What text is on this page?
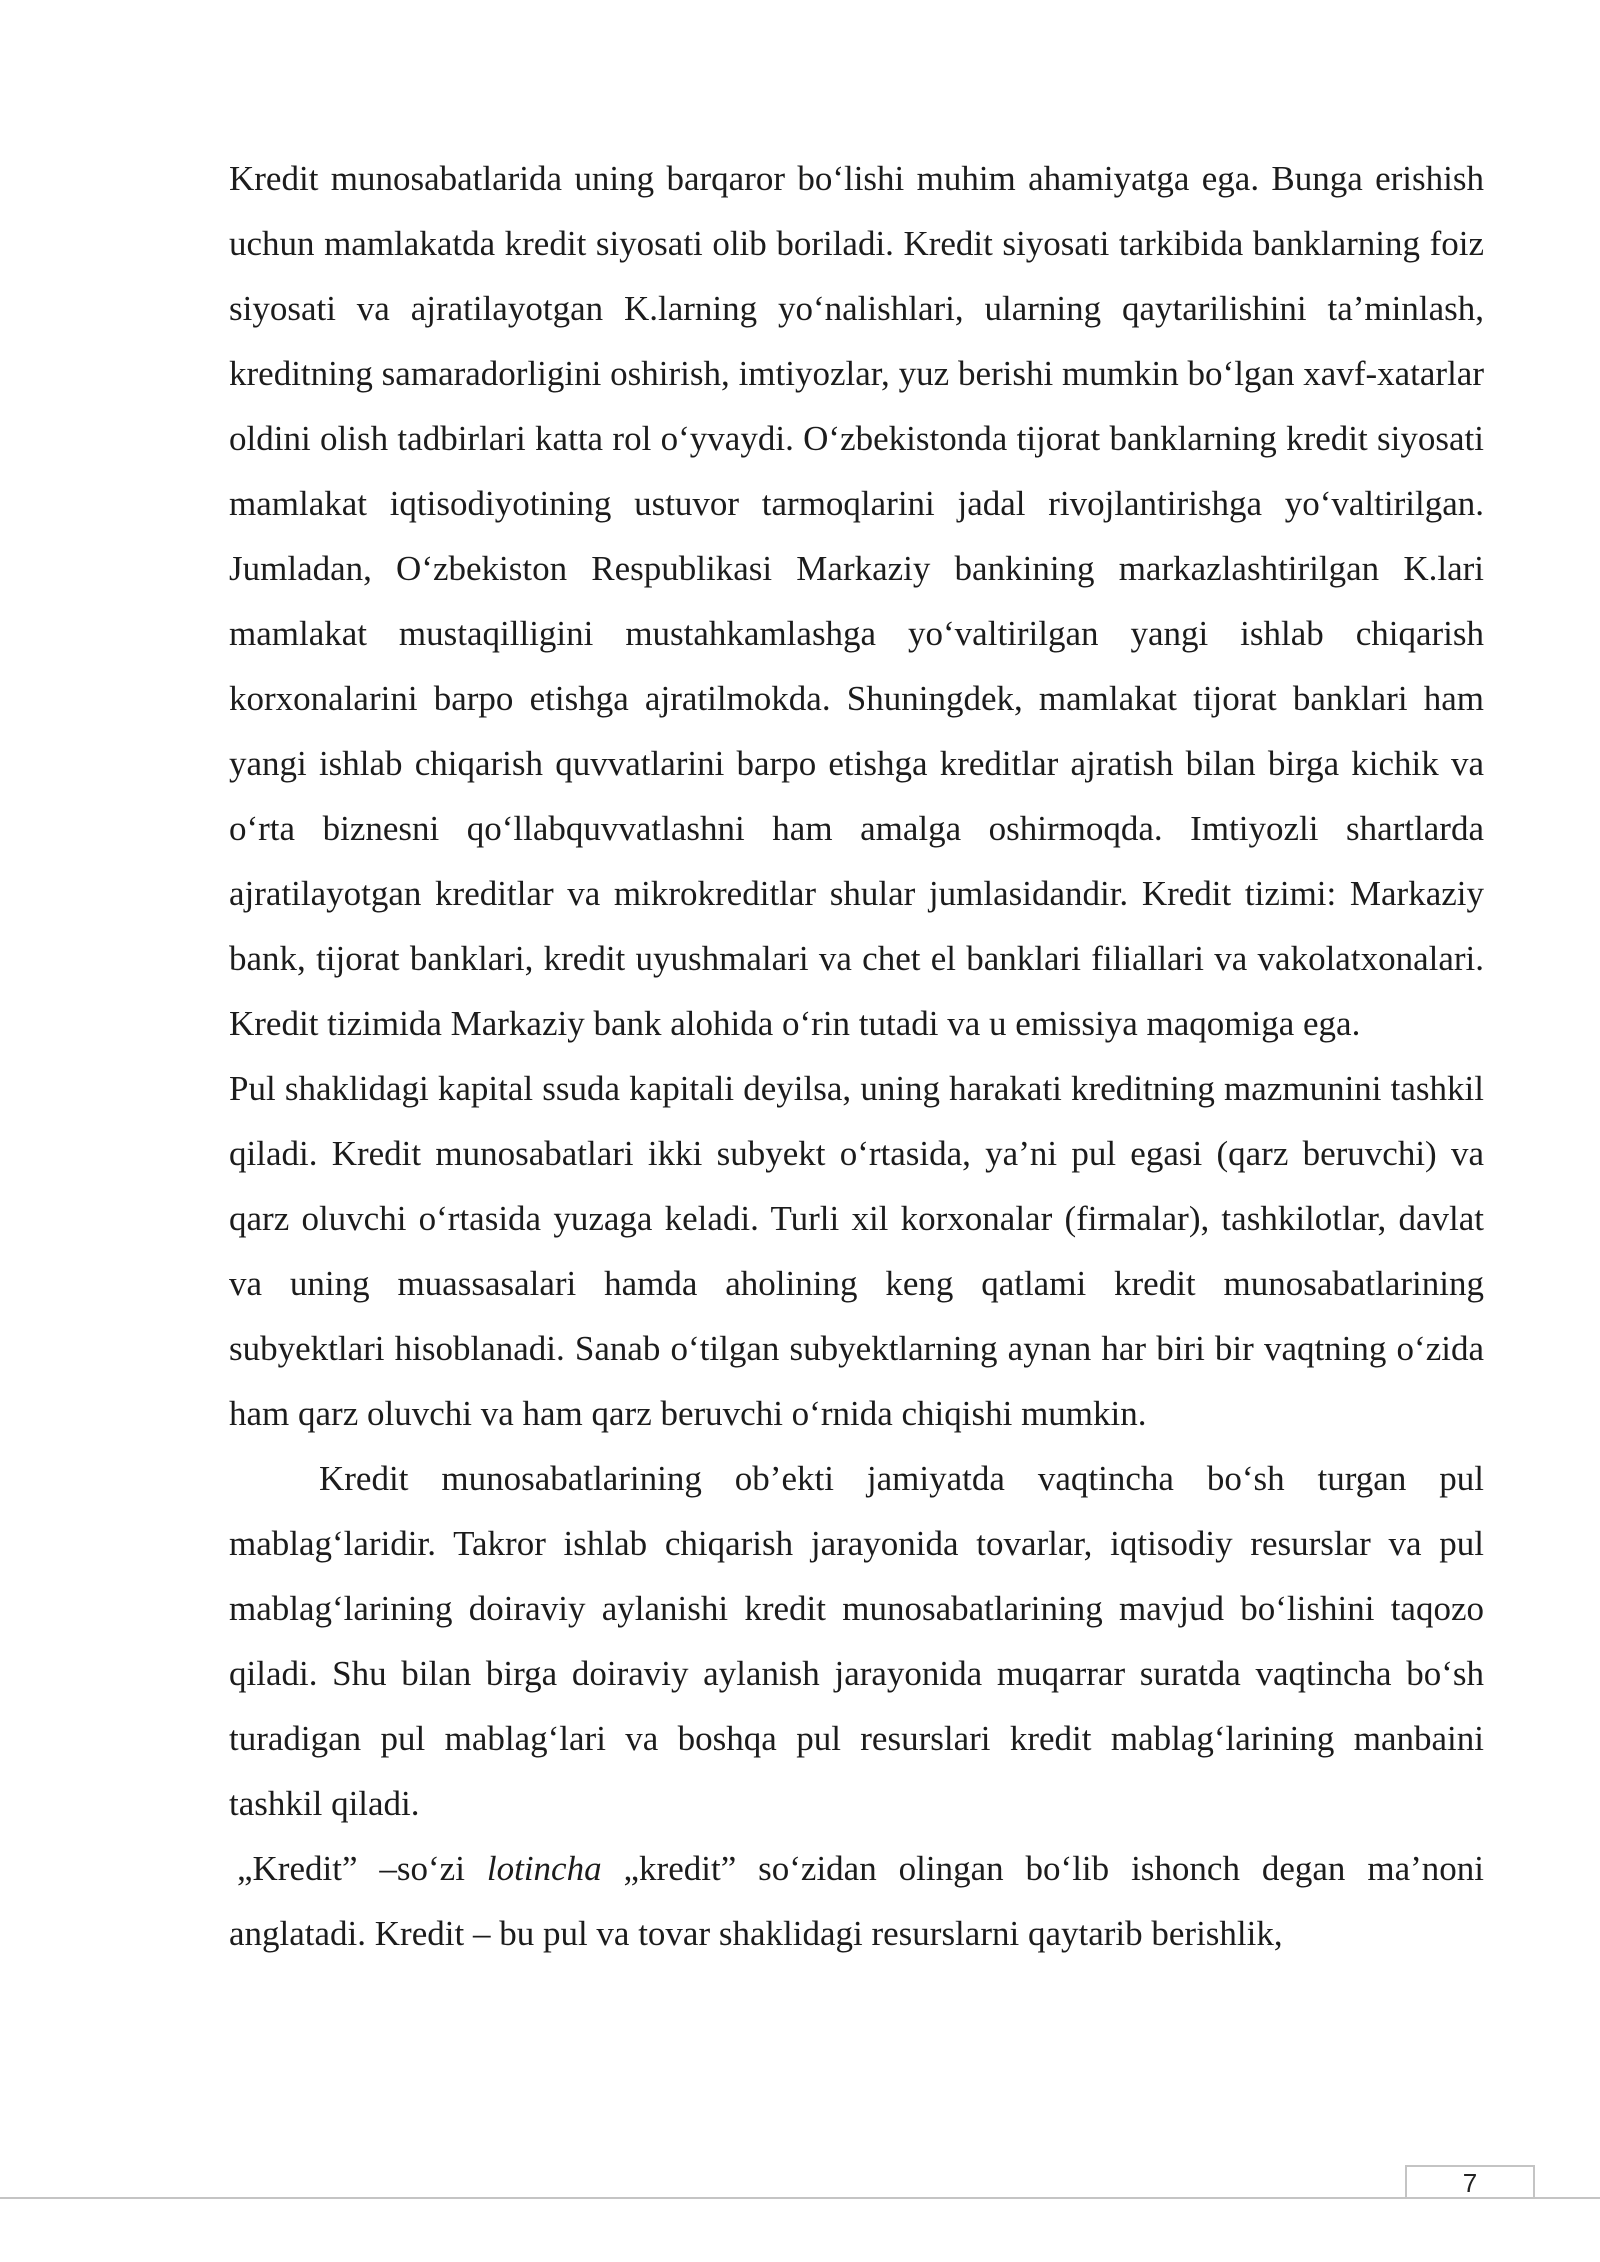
Kredit munosabatlarida uning barqaror bo‘lishi muhim ahamiyatga ega. Bunga erishish uchun mamlakatda kredit siyosati olib boriladi. Kredit siyosati tarkibida banklarning foiz siyosati va ajratilayotgan K.larning yo‘nalishlari, ularning qaytarilishini ta’minlash, kreditning samaradorligini oshirish, imtiyozlar, yuz berishi mumkin bo‘lgan xavf-xatarlar oldini olish tadbirlari katta rol o‘yvaydi. O‘zbekistonda tijorat banklarning kredit siyosati mamlakat iqtisodiyotining ustuvor tarmoqlarini jadal rivojlantirishga yo‘valtirilgan. Jumladan, O‘zbekiston Respublikasi Markaziy bankining markazlashtirilgan K.lari mamlakat mustaqilligini mustahkamlashga yo‘valtirilgan yangi ishlab chiqarish korxonalarini barpo etishga ajratilmokda. Shuningdek, mamlakat tijorat banklari ham yangi ishlab chiqarish quvvatlarini barpo etishga kreditlar ajratish bilan birga kichik va o‘rta biznesni qo‘llabquvvatlashni ham amalga oshirmoqda. Imtiyozli shartlarda ajratilayotgan kreditlar va mikrokreditlar shular jumlasidandir. Kredit tizimi: Markaziy bank, tijorat banklari, kredit uyushmalari va chet el banklari filiallari va vakolatxonalari. Kredit tizimida Markaziy bank alohida o‘rin tutadi va u emissiya maqomiga ega.

Pul shaklidagi kapital ssuda kapitali deyilsa, uning harakati kreditning mazmunini tashkil qiladi. Kredit munosabatlari ikki subyekt o‘rtasida, ya’ni pul egasi (qarz beruvchi) va qarz oluvchi o‘rtasida yuzaga keladi. Turli xil korxonalar (firmalar), tashkilotlar, davlat va uning muassasalari hamda aholining keng qatlami kredit munosabatlarining subyektlari hisoblanadi. Sanab o‘tilgan subyektlarning aynan har biri bir vaqtning o‘zida ham qarz oluvchi va ham qarz beruvchi o‘rnida chiqishi mumkin.

Kredit munosabatlarining ob’ekti jamiyatda vaqtincha bo‘sh turgan pul mablag‘laridir. Takror ishlab chiqarish jarayonida tovarlar, iqtisodiy resurslar va pul mablag‘larining doiraviy aylanishi kredit munosabatlarining mavjud bo‘lishini taqozo qiladi. Shu bilan birga doiraviy aylanish jarayonida muqarrar suratda vaqtincha bo‘sh turadigan pul mablag‘lari va boshqa pul resurslari kredit mablag‘larining manbaini tashkil qiladi.

„Kredit” –so‘zi lotincha „kredit” so‘zidan olingan bo‘lib ishonch degan ma’noni anglatadi. Kredit – bu pul va tovar shaklidagi resurslarni qaytarib berishlik,

7
